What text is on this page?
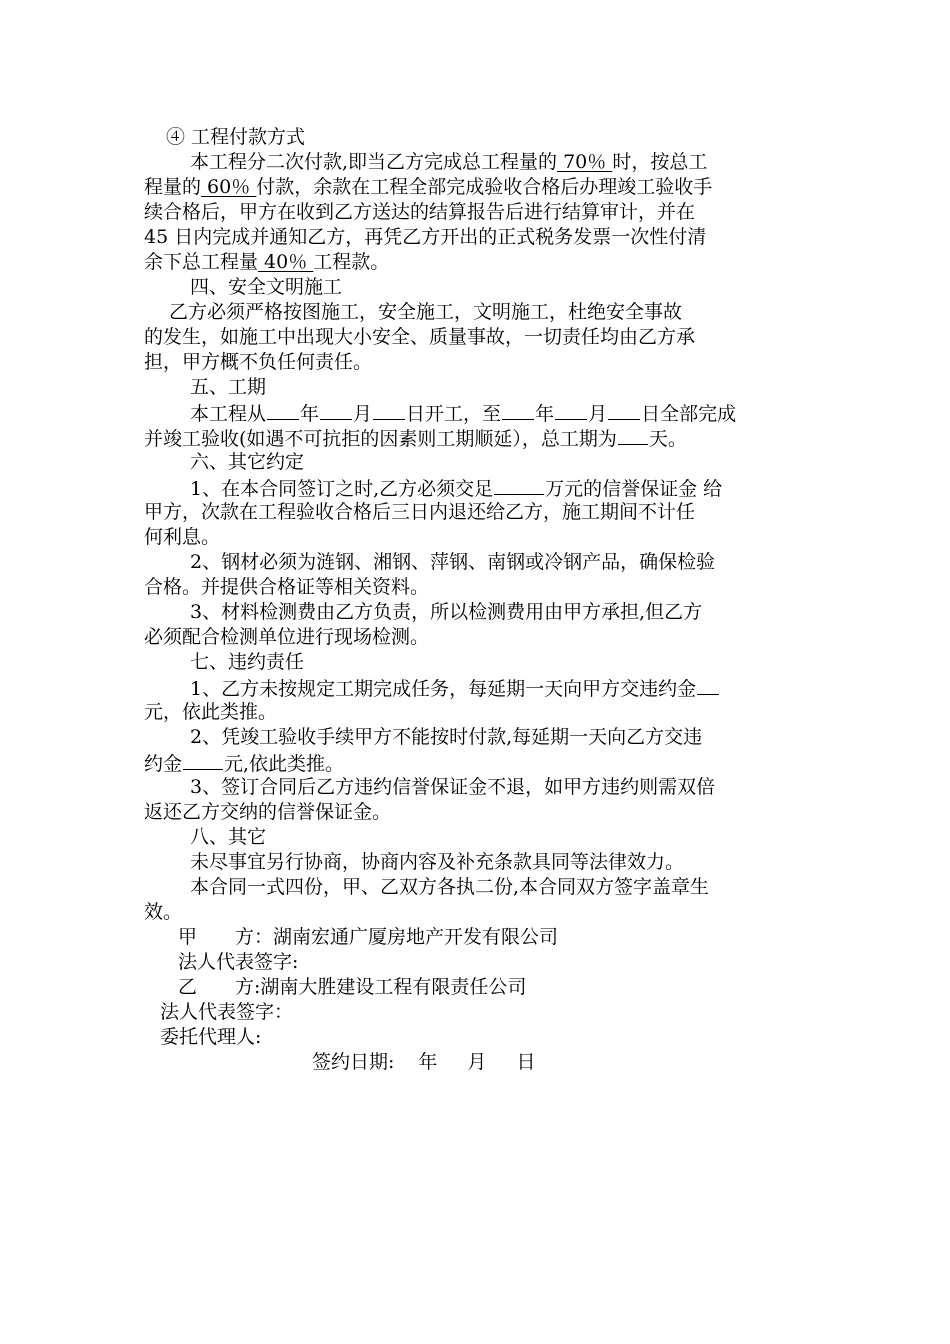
④ 工程付款方式
本工程分二次付款,即当乙方完成总工程量的 70％ 时，按总工
程量的 60％ 付款，余款在工程全部完成验收合格后办理竣工验收手
续合格后，甲方在收到乙方送达的结算报告后进行结算审计，并在
45 日内完成并通知乙方，再凭乙方开出的正式税务发票一次性付清
余下总工程量 40％ 工程款。
四、安全文明施工
乙方必须严格按图施工，安全施工，文明施工，杜绝安全事故
的发生，如施工中出现大小安全、质量事故，一切责任均由乙方承
担，甲方概不负任何责任。
五、工期
本工程从 年 月 日开工，至 年 月 日全部完成
并竣工验收(如遇不可抗拒的因素则工期顺延），总工期为 天。
六、其它约定
1、在本合同签订之时,乙方必须交足	万元的信誉保证金 给
甲方，次款在工程验收合格后三日内退还给乙方，施工期间不计任
何利息。
2、钢材必须为涟钢、湘钢、萍钢、南钢或冷钢产品，确保检验
合格。并提供合格证等相关资料。
3、材料检测费由乙方负责，所以检测费用由甲方承担,但乙方
必须配合检测单位进行现场检测。
七、违约责任
1、乙方未按规定工期完成任务，每延期一天向甲方交违约金
元，依此类推。
2、凭竣工验收手续甲方不能按时付款,每延期一天向乙方交违
约金 元,依此类推。
3、签订合同后乙方违约信誉保证金不退，如甲方违约则需双倍
返还乙方交纳的信誉保证金。
八、其它
未尽事宜另行协商，协商内容及补充条款具同等法律效力。
本合同一式四份，甲、乙双方各执二份,本合同双方签字盖章生
效。
甲 方：湖南宏通广厦房地产开发有限公司
法人代表签字:
乙 方:湖南大胜建设工程有限责任公司
法人代表签字：
委托代理人:
签约日期: 年 月 日
